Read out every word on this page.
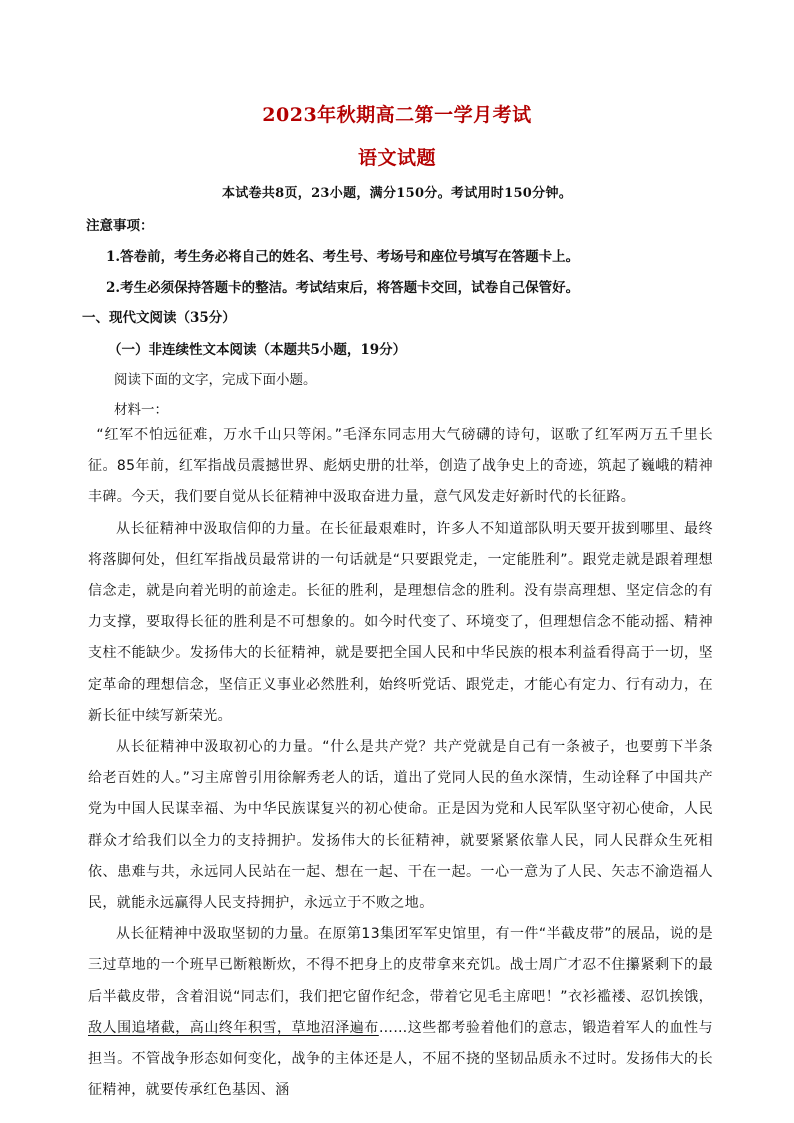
2023年秋期高二第一学月考试
语文试题
本试卷共8页，23小题，满分150分。考试用时150分钟。
注意事项：
1.答卷前，考生务必将自己的姓名、考生号、考场号和座位号填写在答题卡上。
2.考生必须保持答题卡的整洁。考试结束后，将答题卡交回，试卷自己保管好。
一、现代文阅读（35分）
（一）非连续性文本阅读（本题共5小题，19分）
阅读下面的文字，完成下面小题。
材料一：

“红军不怕远征难，万水千山只等闲。”毛泽东同志用大气磅礴的诗句，讴歌了红军两万五千里长征。85年前，红军指战员震撼世界、彪炳史册的壮举，创造了战争史上的奇迹，筑起了巍峨的精神丰碑。今天，我们要自觉从长征精神中汲取奋进力量，意气风发走好新时代的长征路。

从长征精神中汲取信仰的力量。在长征最艰难时，许多人不知道部队明天要开拔到哪里、最终将落脚何处，但红军指战员最常讲的一句话就是“只要跟党走，一定能胜利”。跟党走就是跟着理想信念走，就是向着光明的前途走。长征的胜利，是理想信念的胜利。没有崇高理想、坚定信念的有力支撑，要取得长征的胜利是不可想象的。如今时代变了、环境变了，但理想信念不能动摇、精神支柱不能缺少。发扬伟大的长征精神，就是要把全国人民和中华民族的根本利益看得高于一切，坚定革命的理想信念，坚信正义事业必然胜利，始终听党话、跟党走，才能心有定力、行有动力，在新长征中续写新荣光。

从长征精神中汲取初心的力量。“什么是共产党？共产党就是自己有一条被子，也要剪下半条给老百姓的人。”习主席曾引用徐解秀老人的话，道出了党同人民的鱼水深情，生动诠释了中国共产党为中国人民谋幸福、为中华民族谋复兴的初心使命。正是因为党和人民军队坚守初心使命，人民群众才给我们以全力的支持拥护。发扬伟大的长征精神，就要紧紧依靠人民，同人民群众生死相依、患难与共，永远同人民站在一起、想在一起、干在一起。一心一意为了人民、矢志不渝造福人民，就能永远赢得人民支持拥护，永远立于不败之地。

从长征精神中汲取坚韧的力量。在原第13集团军军史馆里，有一件“半截皮带”的展品，说的是三过草地的一个班早已断粮断炊，不得不把身上的皮带拿来充饥。战士周广才忍不住攥紧剩下的最后半截皮带，含着泪说“同志们，我们把它留作纪念，带着它见毛主席吧！”衣衫褴褛、忍饥挨饿，敌人围追堵截，高山终年积雪，草地沼泽遍布……这些都考验着他们的意志，锻造着军人的血性与担当。不管战争形态如何变化，战争的主体还是人，不屈不挠的坚韧品质永不过时。发扬伟大的长征精神，就要传承红色基因、涵
